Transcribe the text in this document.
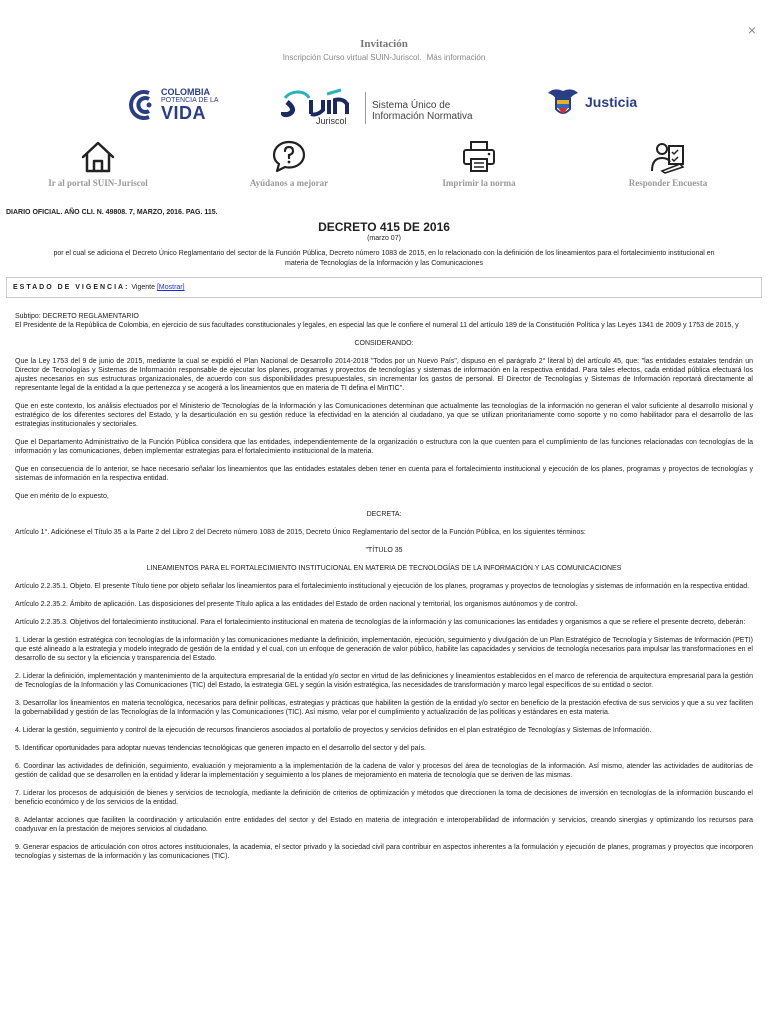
×
Invitación
Inscripción Curso virtual SUIN-Juriscol. Más información
COLOMBIA
POTENCIA DE LA
VIDA	Juriscol
Sistema Único de
Información Normativa
Justicia
Ir al portal SUIN-Juriscol	Ayúdanos a mejorar	Imprimir la norma	Responder Encuesta
DIARIO OFICIAL. AÑO CLI. N. 49808. 7, MARZO, 2016. PAG. 115.
DECRETO 415 DE 2016
(marzo 07)
por el cual se adiciona el Decreto Único Reglamentario del sector de la Función Pública, Decreto número 1083 de 2015, en lo relacionado con la definición de los lineamientos para el fortalecimiento institucional en materia de Tecnologías de la Información y las Comunicaciones
ESTADO DE VIGENCIA: Vigente [Mostrar]

Subtipo: DECRETO REGLAMENTARIO

El Presidente de la República de Colombia, en ejercicio de sus facultades constitucionales y legales, en especial las que le confiere el numeral 11 del artículo 189 de la Constitución Política y las Leyes 1341 de 2009 y 1753 de 2015, y

CONSIDERANDO:

Que la Ley 1753 del 9 de junio de 2015, mediante la cual se expidió el Plan Nacional de Desarrollo 2014-2018 "Todos por un Nuevo País", dispuso en el parágrafo 2° literal b) del artículo 45, que: "las entidades estatales tendrán un Director de Tecnologías y Sistemas de Información responsable de ejecutar los planes, programas y proyectos de tecnologías y sistemas de información en la respectiva entidad. Para tales efectos, cada entidad pública efectuará los ajustes necesarios en sus estructuras organizacionales, de acuerdo con sus disponibilidades presupuestales, sin incrementar los gastos de personal. El Director de Tecnologías y Sistemas de Información reportará directamente al representante legal de la entidad a la que pertenezca y se acogerá a los lineamientos que en materia de TI defina el MinTIC".

Que en este contexto, los análisis efectuados por el Ministerio de Tecnologías de la Información y las Comunicaciones determinan que actualmente las tecnologías de la información no generan el valor suficiente al desarrollo misional y estratégico de los diferentes sectores del Estado, y la desarticulación en su gestión reduce la efectividad en la atención al ciudadano, ya que se utilizan prioritariamente como soporte y no como habilitador para el desarrollo de las estrategias institucionales y sectoriales.

Que el Departamento Administrativo de la Función Pública considera que las entidades, independientemente de la organización o estructura con la que cuenten para el cumplimiento de las funciones relacionadas con tecnologías de la información y las comunicaciones, deben implementar estrategias para el fortalecimiento institucional de la materia.

Que en consecuencia de lo anterior, se hace necesario señalar los lineamientos que las entidades estatales deben tener en cuenta para el fortalecimiento institucional y ejecución de los planes, programas y proyectos de tecnologías y sistemas de información en la respectiva entidad.

Que en mérito de lo expuesto,

DECRETA:

Artículo 1°. Adiciónese el Título 35 a la Parte 2 del Libro 2 del Decreto número 1083 de 2015, Decreto Único Reglamentario del sector de la Función Pública, en los siguientes términos:

"TÍTULO 35

LINEAMIENTOS PARA EL FORTALECIMIENTO INSTITUCIONAL EN MATERIA DE TECNOLOGÍAS DE LA INFORMACIÓN Y LAS COMUNICACIONES

Artículo 2.2.35.1. Objeto. El presente Título tiene por objeto señalar los lineamientos para el fortalecimiento institucional y ejecución de los planes, programas y proyectos de tecnologías y sistemas de información en la respectiva entidad.

Artículo 2.2.35.2. Ámbito de aplicación. Las disposiciones del presente Título aplica a las entidades del Estado de orden nacional y territorial, los organismos autónomos y de control.

Artículo 2.2.35.3. Objetivos del fortalecimiento institucional. Para el fortalecimiento institucional en materia de tecnologías de la información y las comunicaciones las entidades y organismos a que se refiere el presente decreto, deberán:

1. Liderar la gestión estratégica con tecnologías de la información y las comunicaciones mediante la definición, implementación, ejecución, seguimiento y divulgación de un Plan Estratégico de Tecnología y Sistemas de Información (PETI) que esté alineado a la estrategia y modelo integrado de gestión de la entidad y el cual, con un enfoque de generación de valor público, habilite las capacidades y servicios de tecnología necesarios para impulsar las transformaciones en el desarrollo de su sector y la eficiencia y transparencia del Estado.

2. Liderar la definición, implementación y mantenimiento de la arquitectura empresarial de la entidad y/o sector en virtud de las definiciones y lineamientos establecidos en el marco de referencia de arquitectura empresarial para la gestión de Tecnologías de la Información y las Comunicaciones (TIC) del Estado, la estrategia GEL y según la visión estratégica, las necesidades de transformación y marco legal específicos de su entidad o sector.

3. Desarrollar los lineamientos en materia tecnológica, necesarios para definir políticas, estrategias y prácticas que habiliten la gestión de la entidad y/o sector en beneficio de la prestación efectiva de sus servicios y que a su vez faciliten la gobernabilidad y gestión de las Tecnologías de la Información y las Comunicaciones (TIC). Así mismo, velar por el cumplimiento y actualización de las políticas y estándares en esta materia.

4. Liderar la gestión, seguimiento y control de la ejecución de recursos financieros asociados al portafolio de proyectos y servicios definidos en el plan estratégico de Tecnologías y Sistemas de Información.

5. Identificar oportunidades para adoptar nuevas tendencias tecnológicas que generen impacto en el desarrollo del sector y del país.

6. Coordinar las actividades de definición, seguimiento, evaluación y mejoramiento a la implementación de la cadena de valor y procesos del área de tecnologías de la información. Así mismo, atender las actividades de auditorías de gestión de calidad que se desarrollen en la entidad y liderar la implementación y seguimiento a los planes de mejoramiento en materia de tecnología que se deriven de las mismas.

7. Liderar los procesos de adquisición de bienes y servicios de tecnología, mediante la definición de criterios de optimización y métodos que direccionen la toma de decisiones de inversión en tecnologías de la información buscando el beneficio económico y de los servicios de la entidad.

8. Adelantar acciones que faciliten la coordinación y articulación entre entidades del sector y del Estado en materia de integración e interoperabilidad de información y servicios, creando sinergias y optimizando los recursos para coadyuvar en la prestación de mejores servicios al ciudadano.

9. Generar espacios de articulación con otros actores institucionales, la academia, el sector privado y la sociedad civil para contribuir en aspectos inherentes a la formulación y ejecución de planes, programas y proyectos que incorporen tecnologías y sistemas de la información y las comunicaciones (TIC).
